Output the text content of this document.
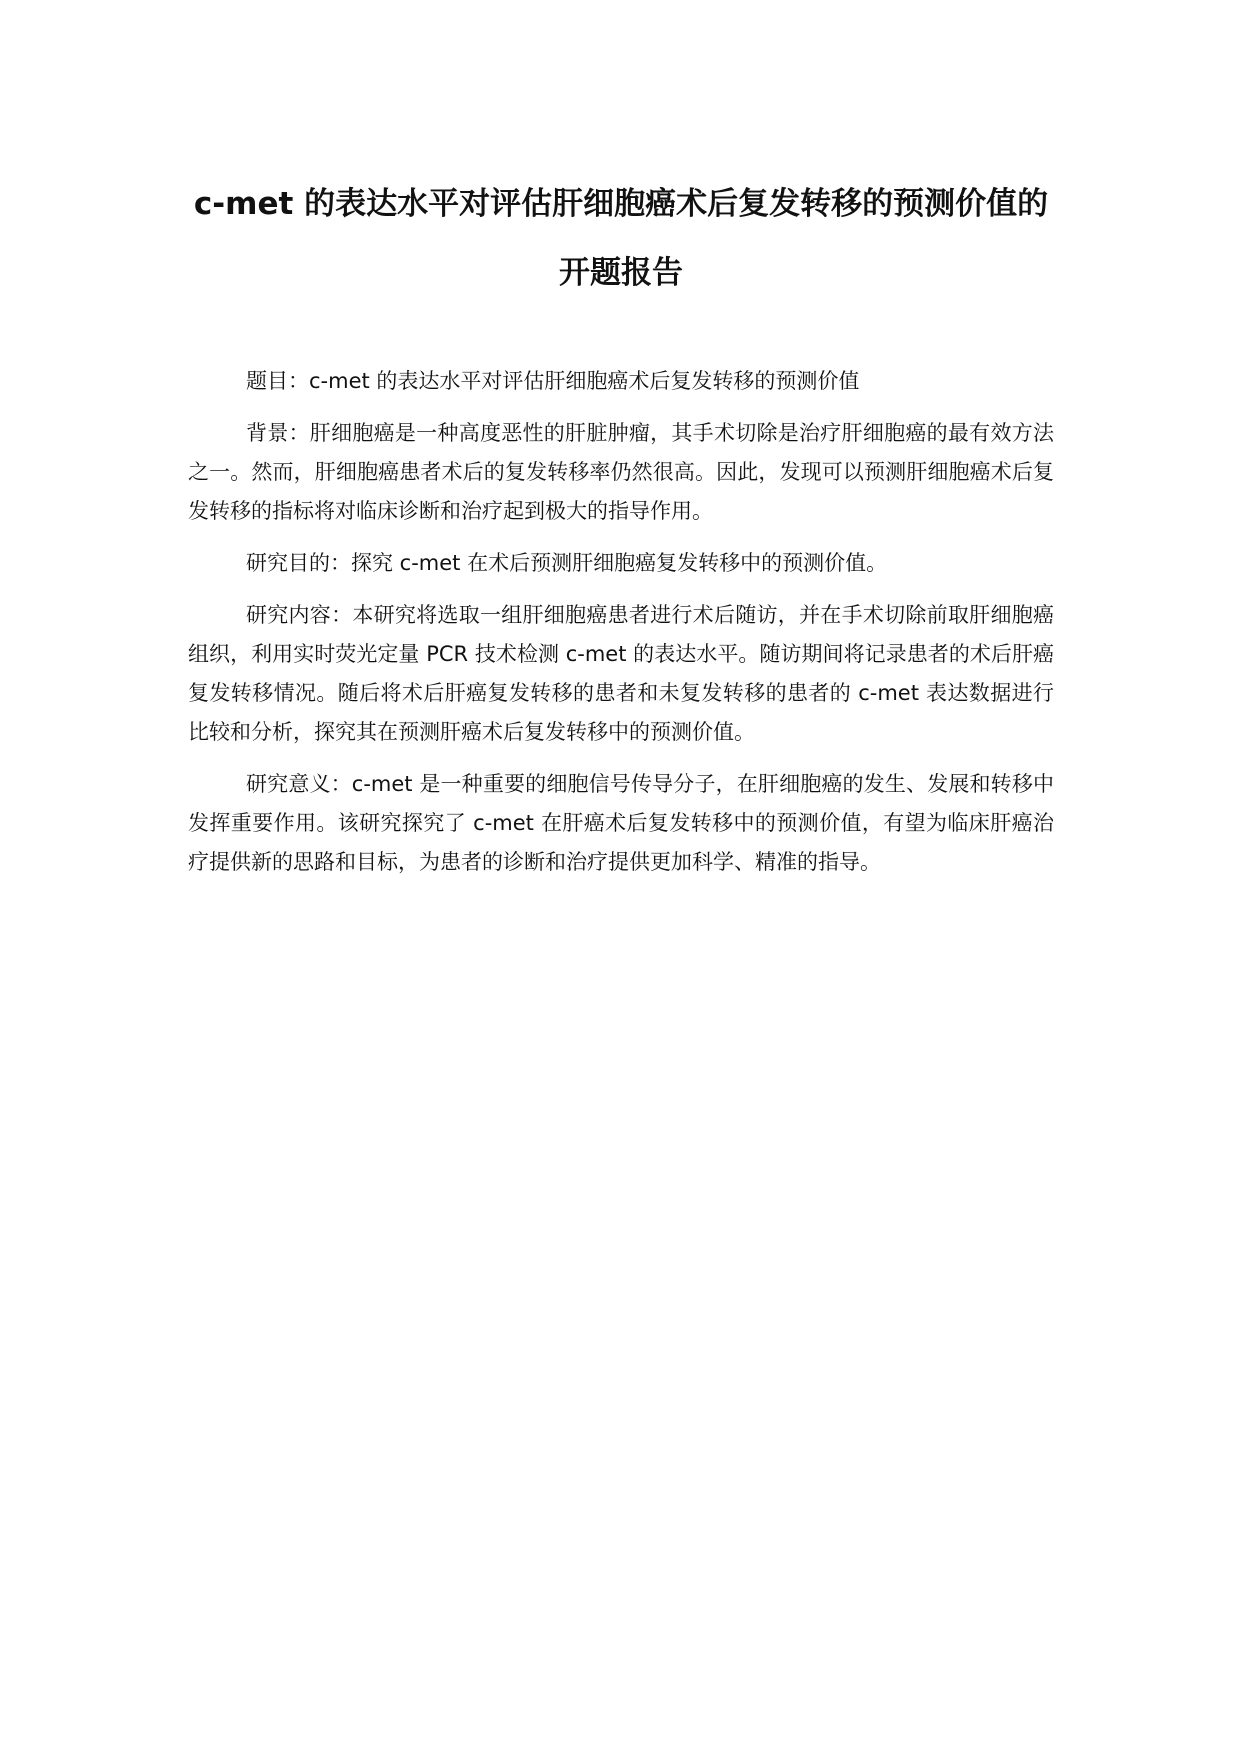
c-met 的表达水平对评估肝细胞癌术后复发转移的预测价值的开题报告

题目：c-met 的表达水平对评估肝细胞癌术后复发转移的预测价值

背景：肝细胞癌是一种高度恶性的肝脏肿瘤，其手术切除是治疗肝细胞癌的最有效方法之一。然而，肝细胞癌患者术后的复发转移率仍然很高。因此，发现可以预测肝细胞癌术后复发转移的指标将对临床诊断和治疗起到极大的指导作用。

研究目的：探究 c-met 在术后预测肝细胞癌复发转移中的预测价值。

研究内容：本研究将选取一组肝细胞癌患者进行术后随访，并在手术切除前取肝细胞癌组织，利用实时荧光定量 PCR 技术检测 c-met 的表达水平。随访期间将记录患者的术后肝癌复发转移情况。随后将术后肝癌复发转移的患者和未复发转移的患者的 c-met 表达数据进行比较和分析，探究其在预测肝癌术后复发转移中的预测价值。

研究意义：c-met 是一种重要的细胞信号传导分子，在肝细胞癌的发生、发展和转移中发挥重要作用。该研究探究了 c-met 在肝癌术后复发转移中的预测价值，有望为临床肝癌治疗提供新的思路和目标，为患者的诊断和治疗提供更加科学、精准的指导。
